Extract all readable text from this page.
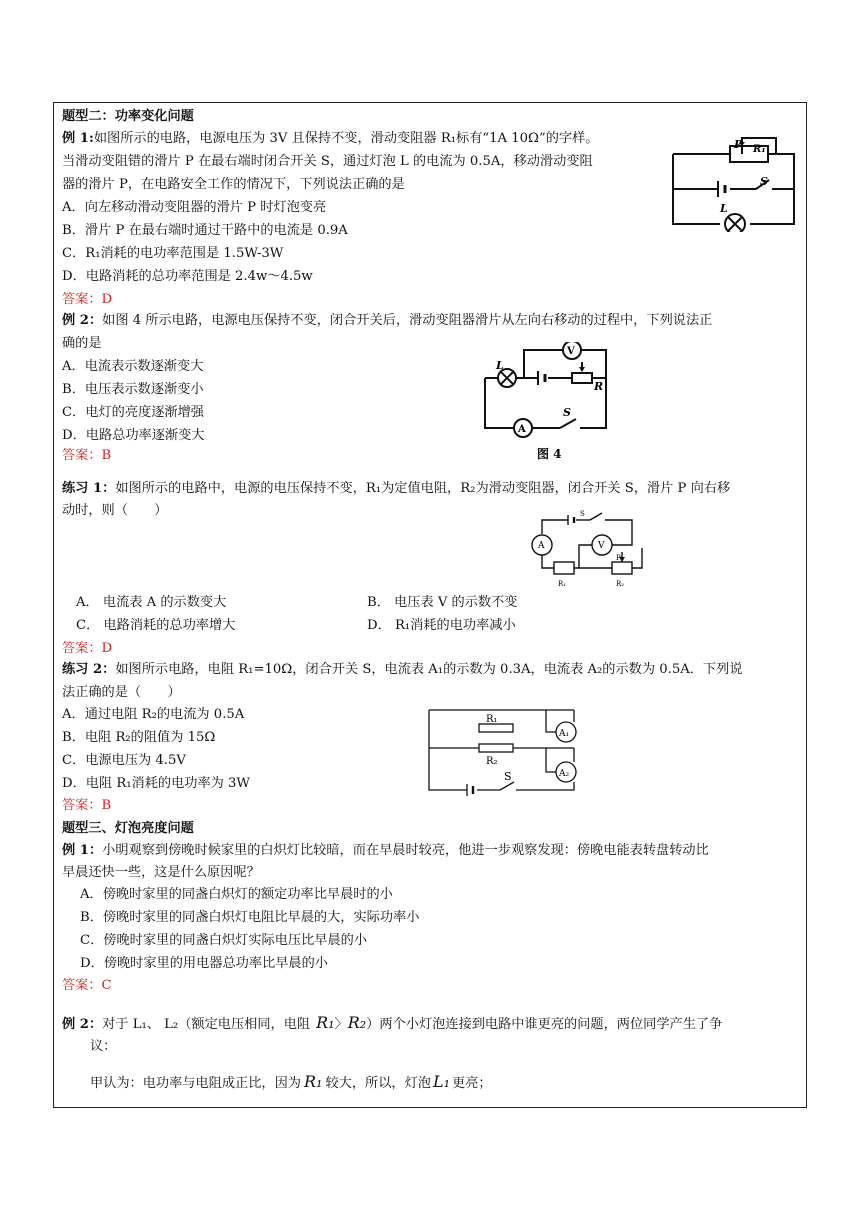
题型二：功率变化问题
例 1:如图所示的电路，电源电压为 3V 且保持不变，滑动变阻器 R₁标有“1A 10Ω”的字样。
当滑动变阻错的滑片 P 在最右端时闭合开关 S，通过灯泡 L 的电流为 0.5A，移动滑动变阻
器的滑片 P，在电路安全工作的情况下，下列说法正确的是
A．向左移动滑动变阻器的滑片 P 时灯泡变亮
B．滑片 P 在最右端时通过干路中的电流是 0.9A
C．R₁消耗的电功率范围是 1.5W-3W
D．电路消耗的总功率范围是 2.4w～4.5w
答案：D
P R₁
S
L
例 2：如图 4 所示电路，电源电压保持不变，闭合开关后，滑动变阻器滑片从左向右移动的过程中，下列说法正
确的是
A．电流表示数逐渐变大
B．电压表示数逐渐变小
C．电灯的亮度逐渐增强
D．电路总功率逐渐变大
答案：B
V
L
R
S
A
图 4
练习 1：如图所示的电路中，电源的电压保持不变，R₁为定值电阻，R₂为滑动变阻器，闭合开关 S，滑片 P 向右移
动时，则（　　）	S
A	V
P
R₁	R₂
A． 电流表 A 的示数变大	B． 电压表 V 的示数不变
C． 电路消耗的总功率增大	D． R₁消耗的电功率减小
答案：D
练习 2：如图所示电路，电阻 R₁=10Ω，闭合开关 S，电流表 A₁的示数为 0.3A，电流表 A₂的示数为 0.5A．下列说
法正确的是（　　）
A．通过电阻 R₂的电流为 0.5A
B．电阻 R₂的阻值为 15Ω
C．电源电压为 4.5V
D．电阻 R₁消耗的电功率为 3W
答案：B
R₁
R₂
A₁
A₂
S
题型三、灯泡亮度问题
例 1：小明观察到傍晚时候家里的白炽灯比较暗，而在早晨时较亮，他进一步观察发现：傍晚电能表转盘转动比
早晨还快一些，这是什么原因呢？
A．傍晚时家里的同盏白炽灯的额定功率比早晨时的小
B．傍晚时家里的同盏白炽灯电阻比早晨的大，实际功率小
C．傍晚时家里的同盏白炽灯实际电压比早晨的小
D．傍晚时家里的用电器总功率比早晨的小
答案：C
例 2：对于 L₁、 L₂（额定电压相同，电阻 R₁〉R₂）两个小灯泡连接到电路中谁更亮的问题，两位同学产生了争
议：
甲认为：电功率与电阻成正比，因为 R₁ 较大，所以，灯泡 L₁ 更亮；
